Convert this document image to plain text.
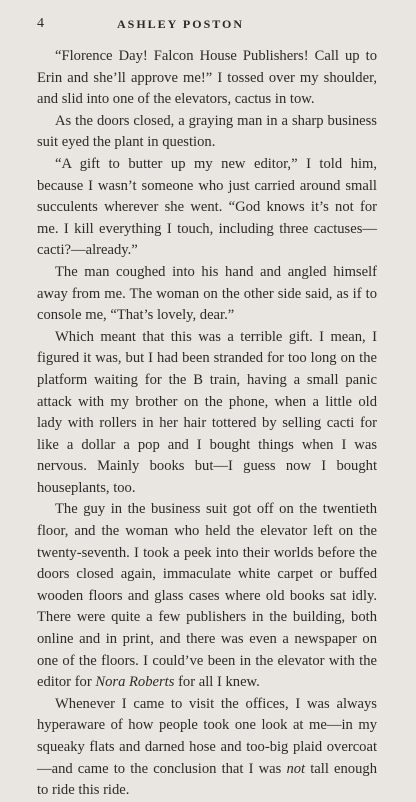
4	ASHLEY POSTON

“Florence Day! Falcon House Publishers! Call up to Erin and she’ll approve me!” I tossed over my shoulder, and slid into one of the elevators, cactus in tow.

As the doors closed, a graying man in a sharp business suit eyed the plant in question.

“A gift to butter up my new editor,” I told him, because I wasn’t someone who just carried around small succulents wherever she went. “God knows it’s not for me. I kill everything I touch, including three cactuses—cacti?—already.”

The man coughed into his hand and angled himself away from me. The woman on the other side said, as if to console me, “That’s lovely, dear.”

Which meant that this was a terrible gift. I mean, I figured it was, but I had been stranded for too long on the platform waiting for the B train, having a small panic attack with my brother on the phone, when a little old lady with rollers in her hair tottered by selling cacti for like a dollar a pop and I bought things when I was nervous. Mainly books but—I guess now I bought houseplants, too.

The guy in the business suit got off on the twentieth floor, and the woman who held the elevator left on the twenty-seventh. I took a peek into their worlds before the doors closed again, immaculate white carpet or buffed wooden floors and glass cases where old books sat idly. There were quite a few publishers in the building, both online and in print, and there was even a newspaper on one of the floors. I could’ve been in the elevator with the editor for Nora Roberts for all I knew.

Whenever I came to visit the offices, I was always hyperaware of how people took one look at me—in my squeaky flats and darned hose and too-big plaid overcoat—and came to the conclusion that I was not tall enough to ride this ride.
